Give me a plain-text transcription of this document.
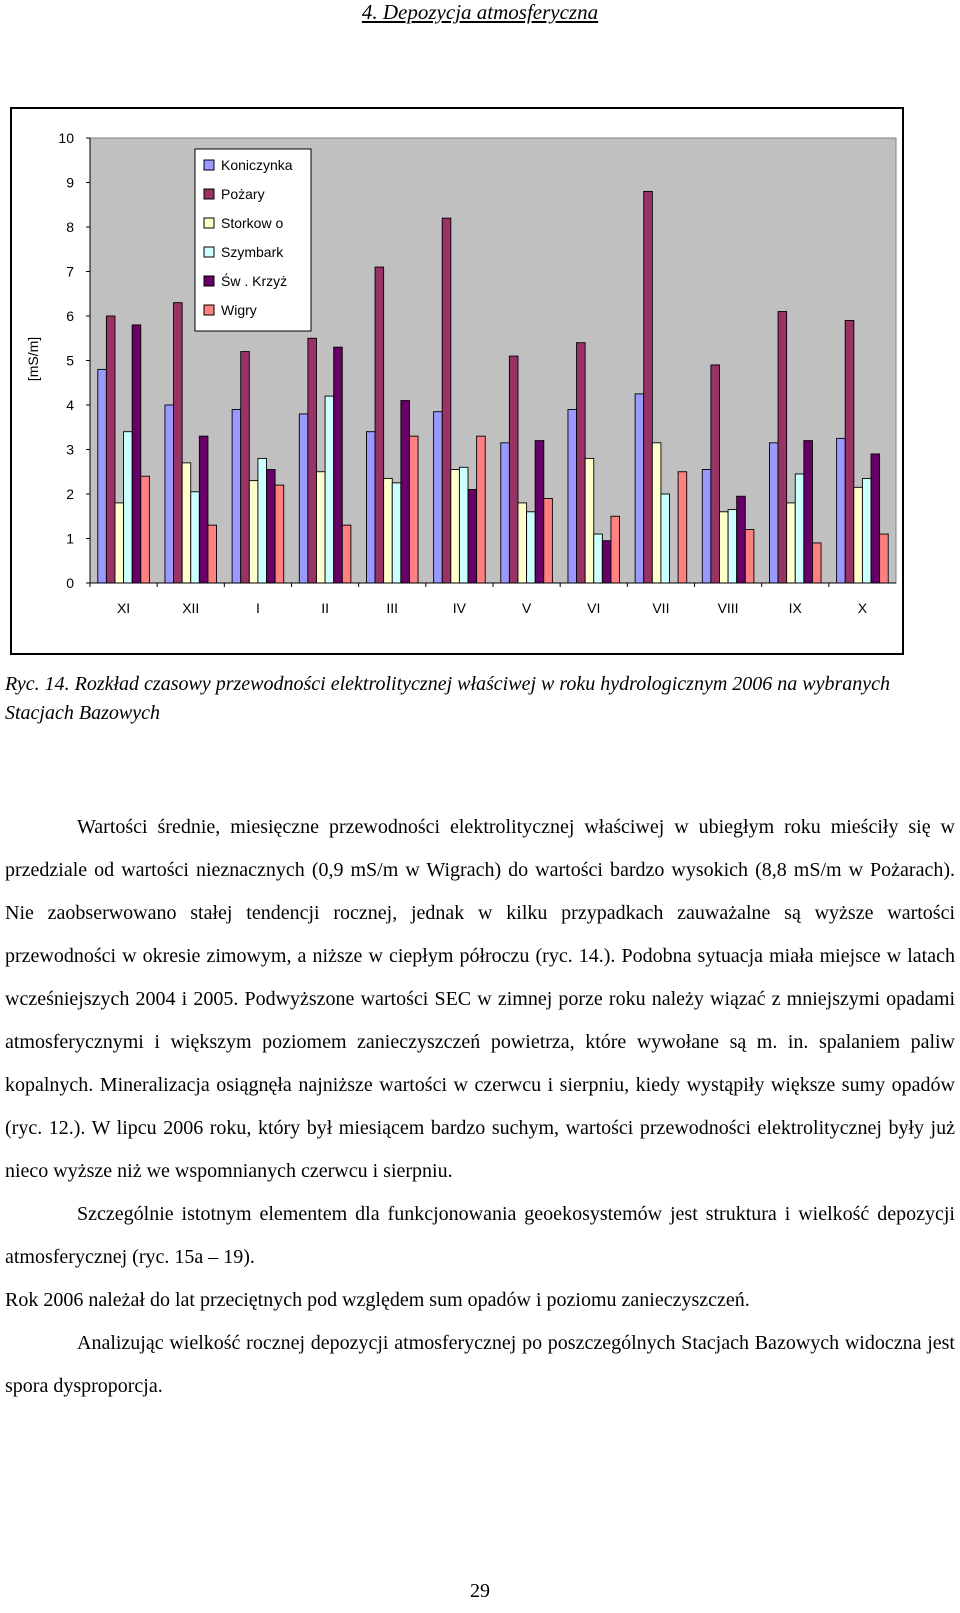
4. Depozycja atmosferyczna
0
1
2
3
4
5
6
7
8
9
10
XI	XII	I	II	III	IV	V	VI	VII	VIII	IX	X
[mS/m]
Koniczynka
Pożary
Storkow o
Szymbark
Św . Krzyż
Wigry
Ryc. 14. Rozkład czasowy przewodności elektrolitycznej właściwej w roku hydrologicznym 2006 na wybranych Stacjach Bazowych

Wartości średnie, miesięczne przewodności elektrolitycznej właściwej w ubiegłym roku mieściły się w przedziale od wartości nieznacznych (0,9 mS/m w Wigrach) do wartości bardzo wysokich (8,8 mS/m w Pożarach). Nie zaobserwowano stałej tendencji rocznej, jednak w kilku przypadkach zauważalne są wyższe wartości przewodności w okresie zimowym, a niższe w ciepłym półroczu (ryc. 14.). Podobna sytuacja miała miejsce w latach wcześniejszych 2004 i 2005. Podwyższone wartości SEC w zimnej porze roku należy wiązać z mniejszymi opadami atmosferycznymi i większym poziomem zanieczyszczeń powietrza, które wywołane są m. in. spalaniem paliw kopalnych. Mineralizacja osiągnęła najniższe wartości w czerwcu i sierpniu, kiedy wystąpiły większe sumy opadów (ryc. 12.). W lipcu 2006 roku, który był miesiącem bardzo suchym, wartości przewodności elektrolitycznej były już nieco wyższe niż we wspomnianych czerwcu i sierpniu.

Szczególnie istotnym elementem dla funkcjonowania geoekosystemów jest struktura i wielkość depozycji atmosferycznej (ryc. 15a – 19).

Rok 2006 należał do lat przeciętnych pod względem sum opadów i poziomu zanieczyszczeń.

Analizując wielkość rocznej depozycji atmosferycznej po poszczególnych Stacjach Bazowych widoczna jest spora dysproporcja.

29
